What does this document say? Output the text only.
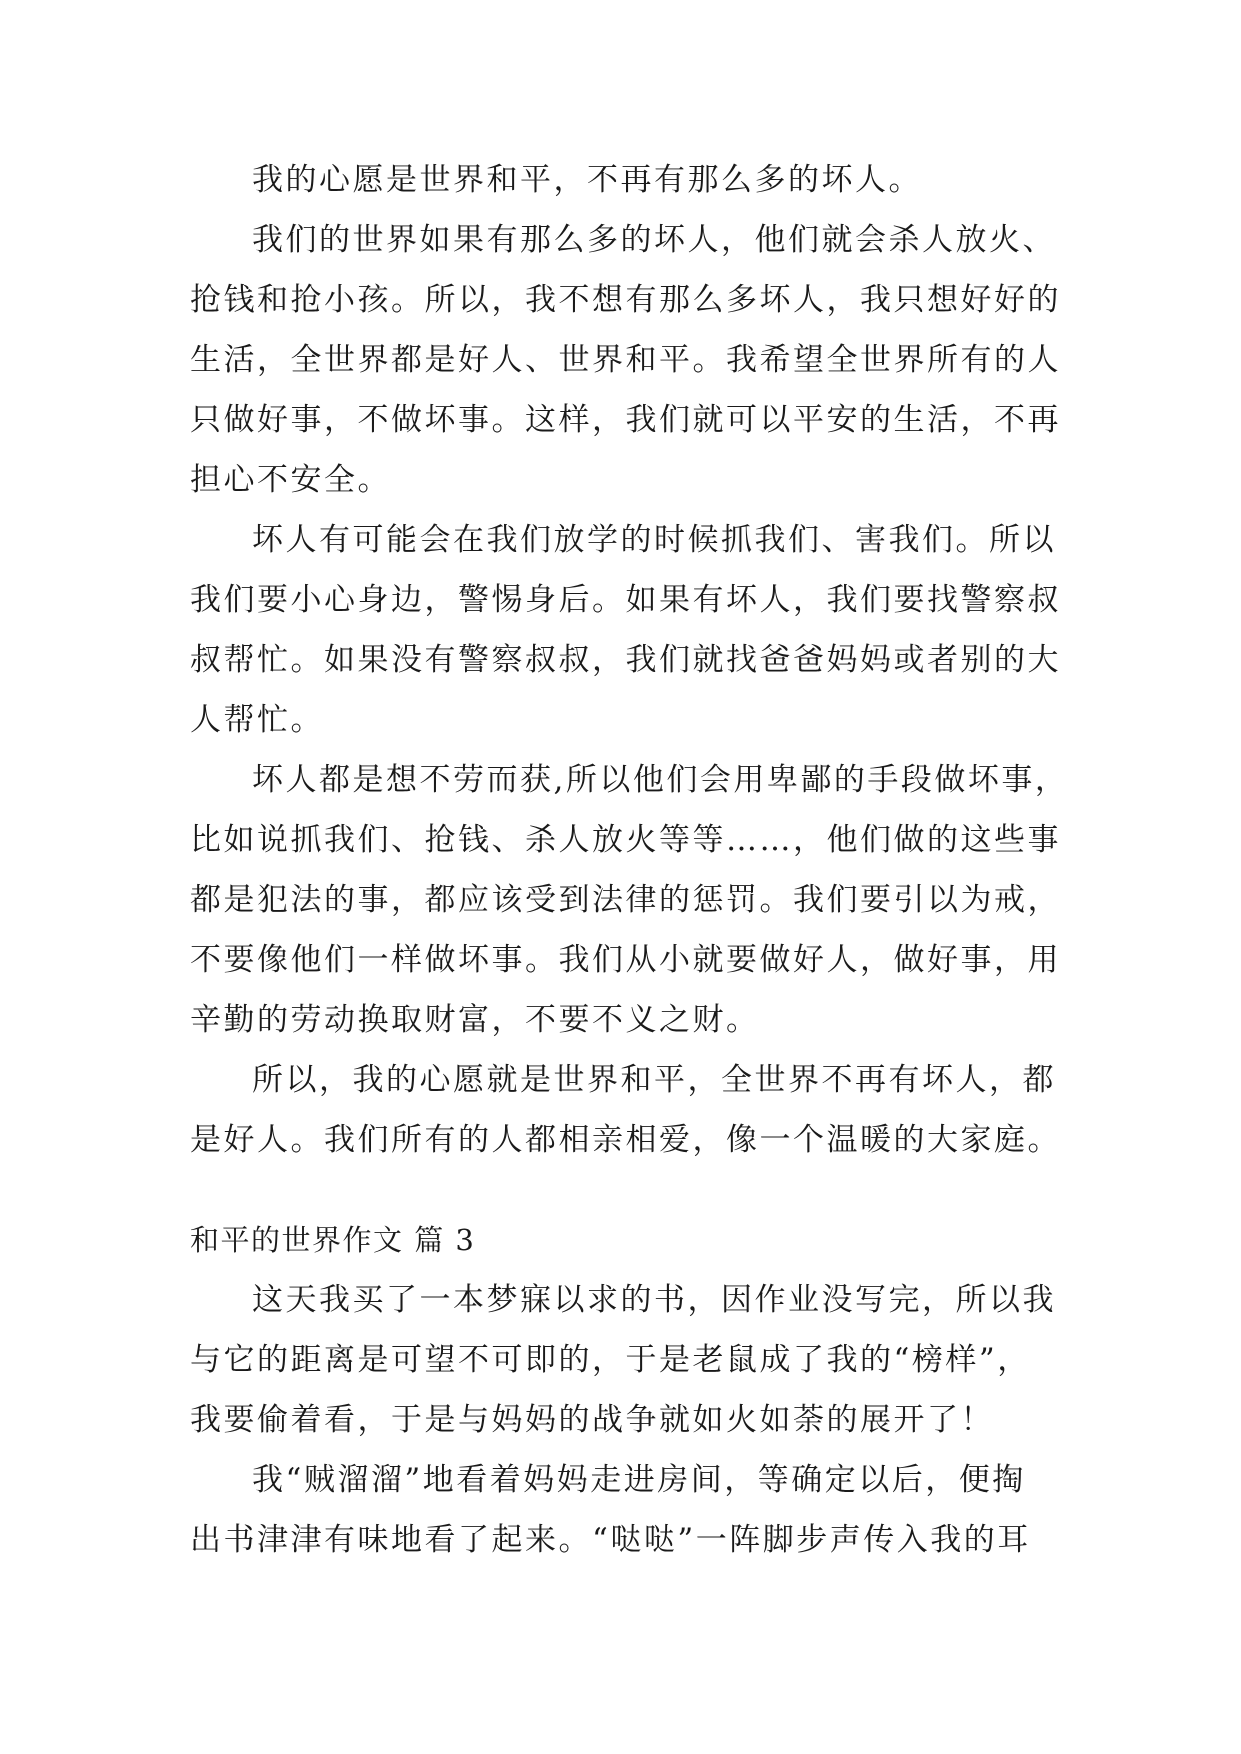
我的心愿是世界和平，不再有那么多的坏人。
我们的世界如果有那么多的坏人，他们就会杀人放火、
抢钱和抢小孩。所以，我不想有那么多坏人，我只想好好的
生活，全世界都是好人、世界和平。我希望全世界所有的人
只做好事，不做坏事。这样，我们就可以平安的生活，不再
担心不安全。
坏人有可能会在我们放学的时候抓我们、害我们。所以
我们要小心身边，警惕身后。如果有坏人，我们要找警察叔
叔帮忙。如果没有警察叔叔，我们就找爸爸妈妈或者别的大
人帮忙。
坏人都是想不劳而获,所以他们会用卑鄙的手段做坏事，
比如说抓我们、抢钱、杀人放火等等……，他们做的这些事
都是犯法的事，都应该受到法律的惩罚。我们要引以为戒，
不要像他们一样做坏事。我们从小就要做好人，做好事，用
辛勤的劳动换取财富，不要不义之财。
所以，我的心愿就是世界和平，全世界不再有坏人，都
是好人。我们所有的人都相亲相爱，像一个温暖的大家庭。
和平的世界作文 篇 3
这天我买了一本梦寐以求的书，因作业没写完，所以我
与它的距离是可望不可即的，于是老鼠成了我的“榜样”，
我要偷着看，于是与妈妈的战争就如火如荼的展开了！
我“贼溜溜”地看着妈妈走进房间，等确定以后，便掏
出书津津有味地看了起来。“哒哒”一阵脚步声传入我的耳
